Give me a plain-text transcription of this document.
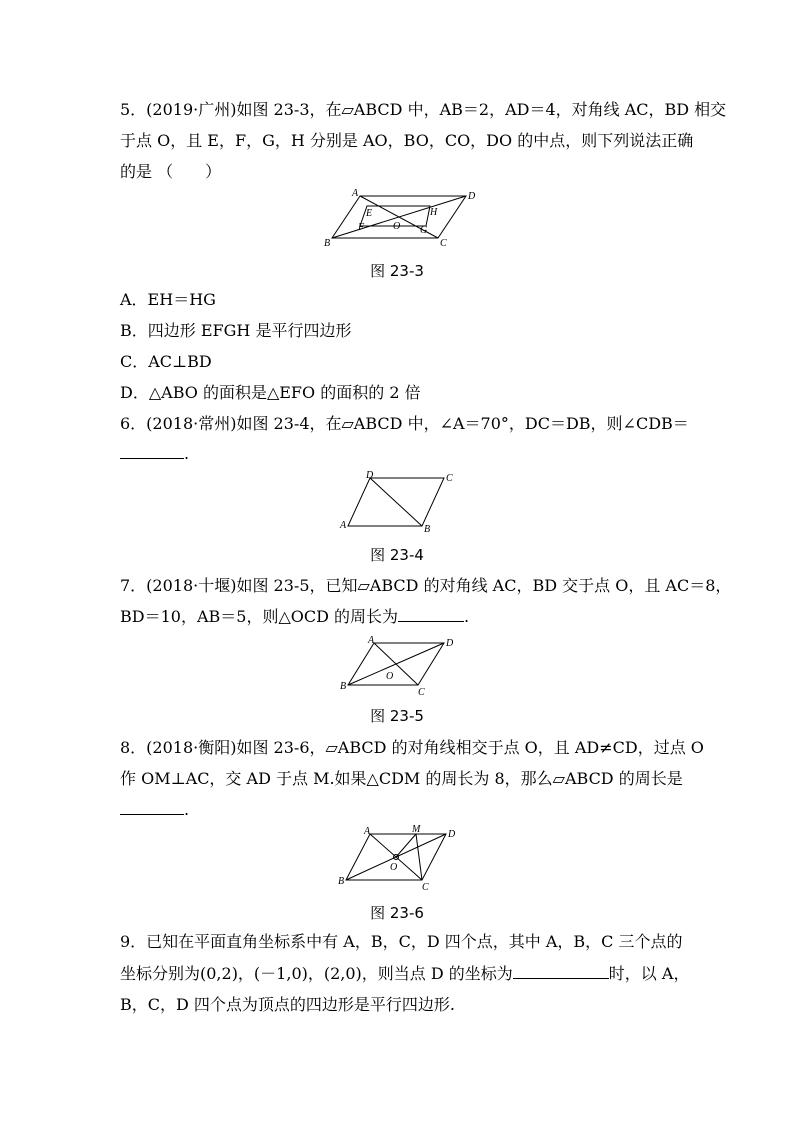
5．(2019·广州)如图 23-3，在▱ABCD 中，AB＝2，AD＝4，对角线 AC，BD 相交
于点 O，且 E，F，G，H 分别是 AO，BO，CO，DO 的中点，则下列说法正确
的是 （　　）
A	D
B	C
E
F	G
H
O
图 23-3
A．EH＝HG
B．四边形 EFGH 是平行四边形
C．AC⊥BD
D．△ABO 的面积是△EFO 的面积的 2 倍
6．(2018·常州)如图 23-4，在▱ABCD 中，∠A＝70°，DC＝DB，则∠CDB＝
.
D	C
A	B
图 23-4
7．(2018·十堰)如图 23-5，已知▱ABCD 的对角线 AC，BD 交于点 O，且 AC＝8，
BD＝10，AB＝5，则△OCD 的周长为	.
A	D
B
C
O
图 23-5
8．(2018·衡阳)如图 23-6，▱ABCD 的对角线相交于点 O，且 AD≠CD，过点 O
作 OM⊥AC，交 AD 于点 M.如果△CDM 的周长为 8，那么▱ABCD 的周长是
.
A	M	D
B
C
O
图 23-6
9．已知在平面直角坐标系中有 A，B，C，D 四个点，其中 A，B，C 三个点的
坐标分别为(0,2)，(－1,0)，(2,0)，则当点 D 的坐标为	时，以 A，
B，C，D 四个点为顶点的四边形是平行四边形.
